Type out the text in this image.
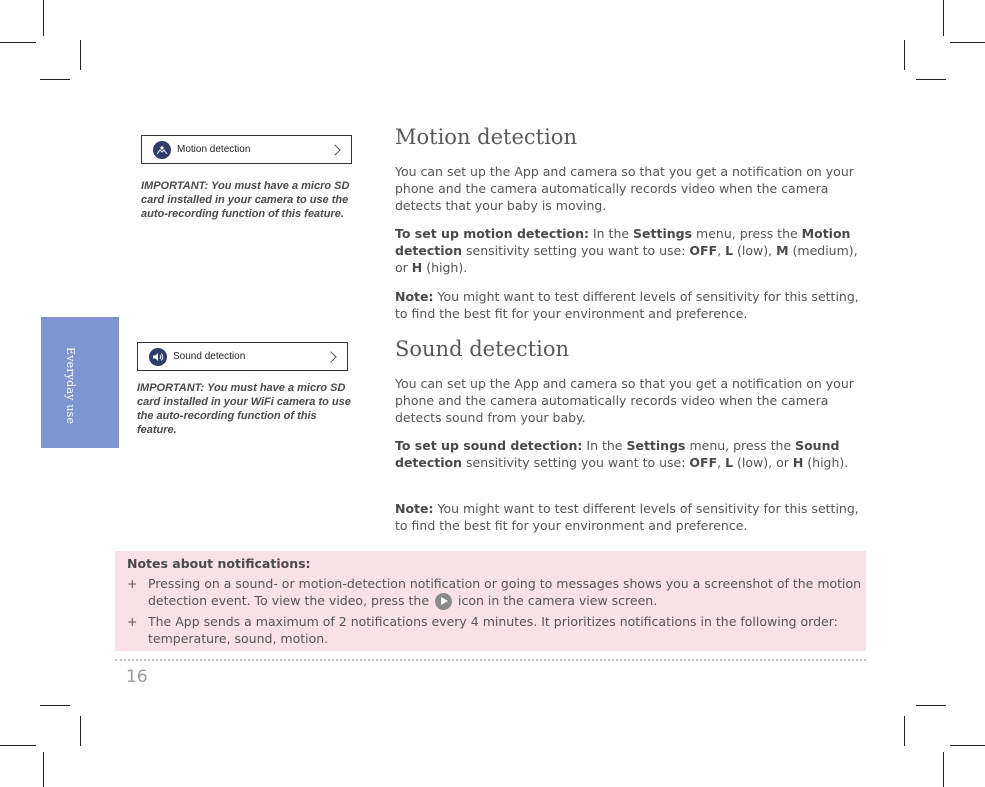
Everyday use
Motion detection
IMPORTANT: You must have a micro SD card installed in your camera to use the auto-recording function of this feature.
Sound detection
IMPORTANT: You must have a micro SD card installed in your WiFi camera to use the auto-recording function of this feature.
Motion detection
You can set up the App and camera so that you get a notification on your phone and the camera automatically records video when the camera detects that your baby is moving.
To set up motion detection: In the Settings menu, press the Motion detection sensitivity setting you want to use: OFF, L (low), M (medium), or H (high).
Note: You might want to test different levels of sensitivity for this setting, to find the best fit for your environment and preference.
Sound detection
You can set up the App and camera so that you get a notification on your phone and the camera automatically records video when the camera detects sound from your baby.
To set up sound detection: In the Settings menu, press the Sound detection sensitivity setting you want to use: OFF, L (low), or H (high).
Note: You might want to test different levels of sensitivity for this setting, to find the best fit for your environment and preference.
Notes about notifications:
+ Pressing on a sound- or motion-detection notification or going to messages shows you a screenshot of the motion detection event. To view the video, press the  icon in the camera view screen.
+ The App sends a maximum of 2 notifications every 4 minutes. It prioritizes notifications in the following order: temperature, sound, motion.
16
